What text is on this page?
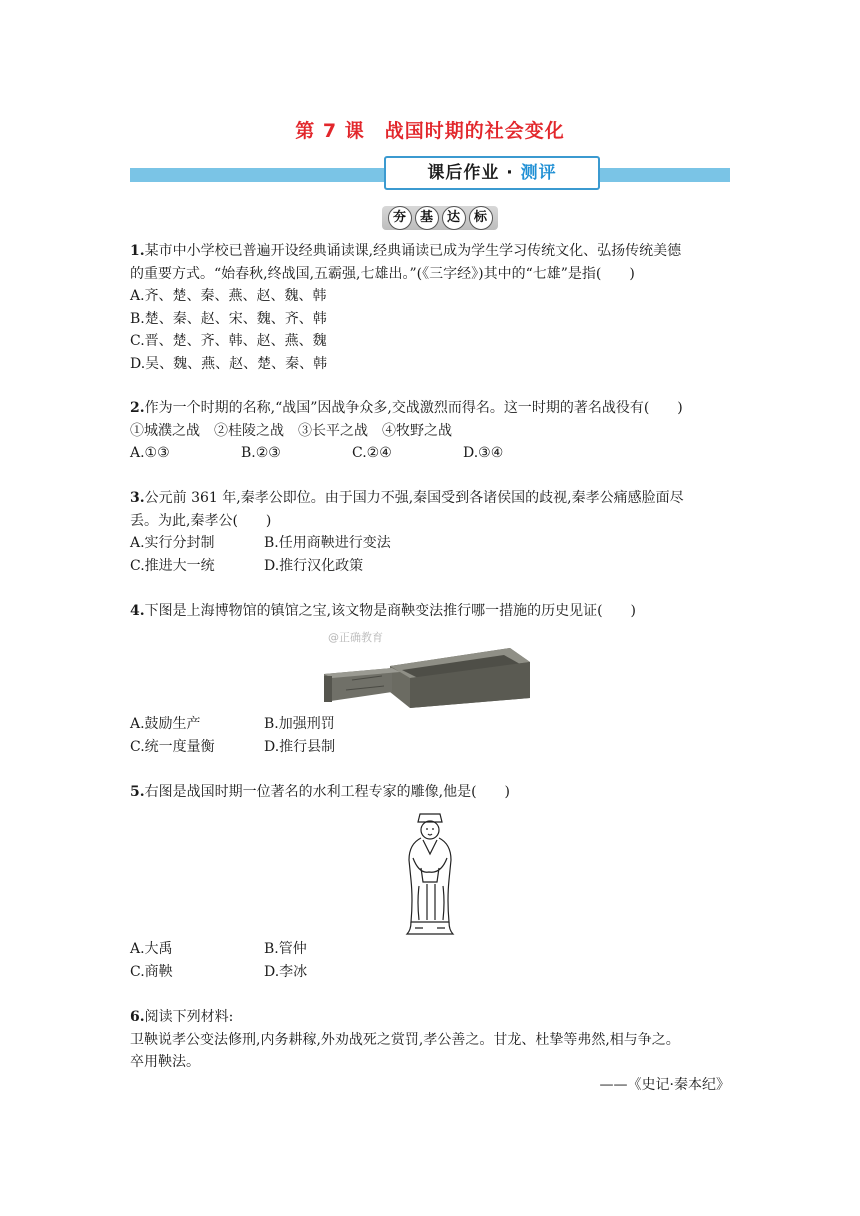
第 7 课 战国时期的社会变化
课后作业 · 测评
夯	基	达	标

1.某市中小学校已普遍开设经典诵读课,经典诵读已成为学生学习传统文化、弘扬传统美德

的重要方式。“始春秋,终战国,五霸强,七雄出。”(《三字经》)其中的“七雄”是指(　　)

A.齐、楚、秦、燕、赵、魏、韩

B.楚、秦、赵、宋、魏、齐、韩

C.晋、楚、齐、韩、赵、燕、魏

D.吴、魏、燕、赵、楚、秦、韩

2.作为一个时期的名称,“战国”因战争众多,交战激烈而得名。这一时期的著名战役有(　　)

①城濮之战　②桂陵之战　③长平之战　④牧野之战

A.①③	B.②③	C.②④	D.③④

3.公元前 361 年,秦孝公即位。由于国力不强,秦国受到各诸侯国的歧视,秦孝公痛感脸面尽

丢。为此,秦孝公(　　)

A.实行分封制	B.任用商鞅进行变法
C.推进大一统	D.推行汉化政策

4.下图是上海博物馆的镇馆之宝,该文物是商鞅变法推行哪一措施的历史见证(　　)

@正确教育
A.鼓励生产	B.加强刑罚
C.统一度量衡	D.推行县制

5.右图是战国时期一位著名的水利工程专家的雕像,他是(　　)

A.大禹	B.管仲
C.商鞅	D.李冰

6.阅读下列材料:

卫鞅说孝公变法修刑,内务耕稼,外劝战死之赏罚,孝公善之。甘龙、杜挚等弗然,相与争之。

卒用鞅法。

——《史记·秦本纪》
